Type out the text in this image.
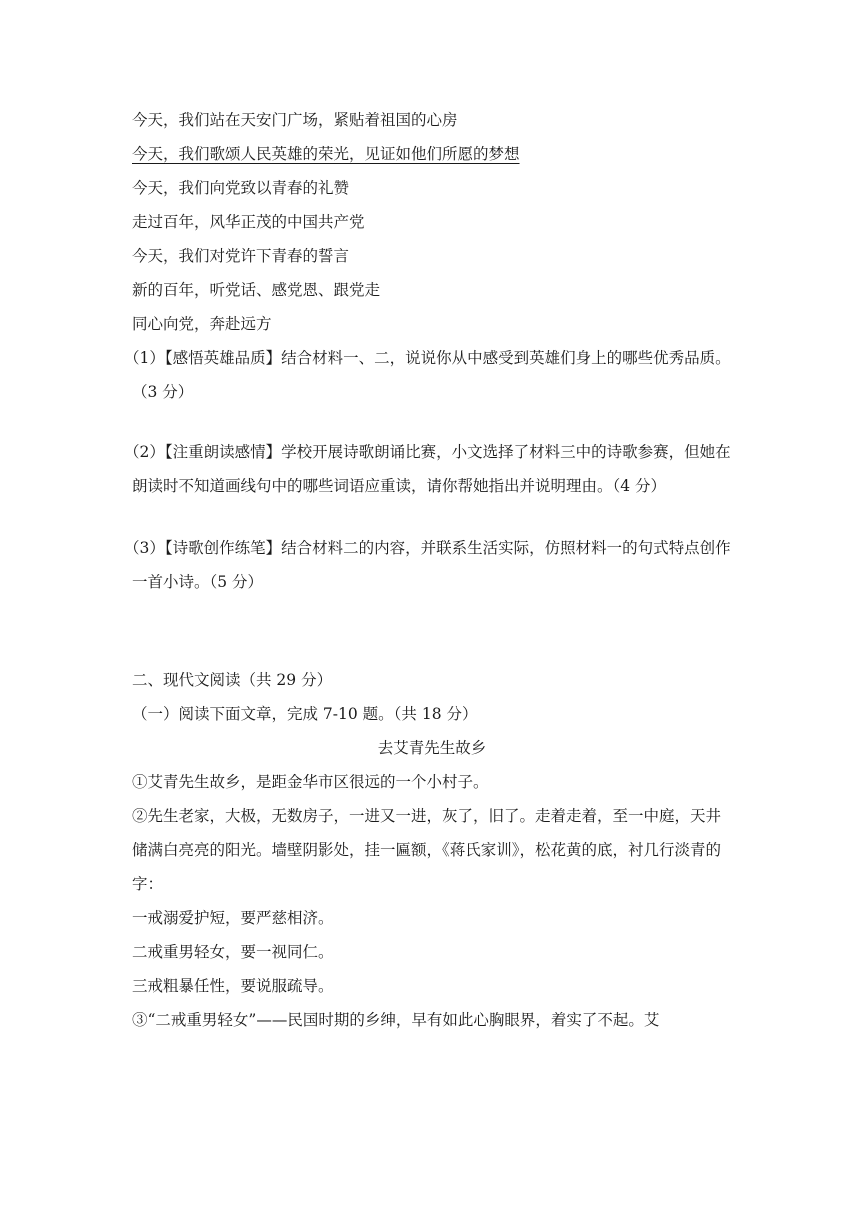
今天，我们站在天安门广场，紧贴着祖国的心房
今天，我们歌颂人民英雄的荣光，见证如他们所愿的梦想
今天，我们向党致以青春的礼赞
走过百年，风华正茂的中国共产党
今天，我们对党许下青春的誓言
新的百年，听党话、感党恩、跟党走
同心向党，奔赴远方
（1）【感悟英雄品质】结合材料一、二，说说你从中感受到英雄们身上的哪些优秀品质。（3 分）
（2）【注重朗读感情】学校开展诗歌朗诵比赛，小文选择了材料三中的诗歌参赛，但她在朗读时不知道画线句中的哪些词语应重读，请你帮她指出并说明理由。（4 分）
（3）【诗歌创作练笔】结合材料二的内容，并联系生活实际，仿照材料一的句式特点创作一首小诗。（5 分）
二、现代文阅读（共 29 分）
（一）阅读下面文章，完成 7-10 题。（共 18 分）
去艾青先生故乡
①艾青先生故乡，是距金华市区很远的一个小村子。
②先生老家，大极，无数房子，一进又一进，灰了，旧了。走着走着，至一中庭，天井储满白亮亮的阳光。墙壁阴影处，挂一匾额，《蒋氏家训》，松花黄的底，衬几行淡青的字：
一戒溺爱护短，要严慈相济。
二戒重男轻女，要一视同仁。
三戒粗暴任性，要说服疏导。
③“二戒重男轻女”——民国时期的乡绅，早有如此心胸眼界，着实了不起。艾
